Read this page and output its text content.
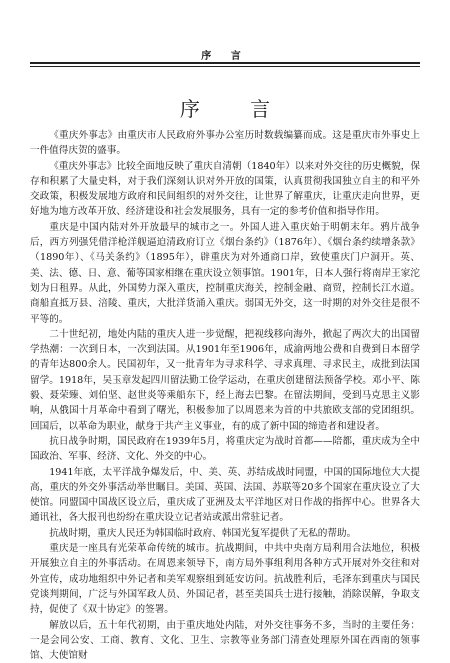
序 言
序 言

《重庆外事志》由重庆市人民政府外事办公室历时数载编纂而成。这是重庆市外事史上一件值得庆贺的盛事。

《重庆外事志》比较全面地反映了重庆自清朝（1840年）以来对外交往的历史概貌，保存和积累了大量史料，对于我们深刻认识对外开放的国策，认真贯彻我国独立自主的和平外交政策，积极发展地方政府和民间组织的对外交往，让世界了解重庆，让重庆走向世界，更好地为地方改革开放、经济建设和社会发展服务，具有一定的参考价值和指导作用。

重庆是中国内陆对外开放最早的城市之一。外国人进入重庆始于明朝末年。鸦片战争后，西方列强凭借洋枪洋舰逼迫清政府订立《烟台条约》（1876年）、《烟台条约续增条款》（1890年）、《马关条约》（1895年），辟重庆为对外通商口岸，致使重庆门户洞开。英、美、法、德、日、意、葡等国家相继在重庆设立领事馆。1901年，日本人强行将南岸王家沱划为日租界。从此，外国势力深入重庆，控制重庆海关，控制金融、商贸，控制长江水道。商船直抵万县、涪陵、重庆，大批洋货涌入重庆。弱国无外交，这一时期的对外交往是很不平等的。

二十世纪初，地处内陆的重庆人进一步觉醒，把视线移向海外，掀起了两次大的出国留学热潮：一次到日本，一次到法国。从1901年至1906年，成渝两地公费和自费到日本留学的青年达800余人。民国初年，又一批青年为寻求科学、寻求真理、寻求民主，成批到法国留学。1918年，吴玉章发起四川留法勤工俭学运动，在重庆创建留法预备学校。邓小平、陈毅、聂荣臻、刘伯坚、赵世炎等乘船东下，经上海去巴黎。在留法期间，受到马克思主义影响，从俄国十月革命中看到了曙光，积极参加了以周恩来为首的中共旅欧支部的党团组织。回国后，以革命为职业，献身于共产主义事业，有的成了新中国的缔造者和建设者。

抗日战争时期，国民政府在1939年5月，将重庆定为战时首都——陪都，重庆成为全中国政治、军事、经济、文化、外交的中心。

1941年底，太平洋战争爆发后，中、美、英、苏结成战时同盟，中国的国际地位大大提高，重庆的外交外事活动举世瞩目。美国、英国、法国、苏联等20多个国家在重庆设立了大使馆。同盟国中国战区设立后，重庆成了亚洲及太平洋地区对日作战的指挥中心。世界各大通讯社，各大报刊也纷纷在重庆设立记者站或派出常驻记者。

抗战时期，重庆人民还为韩国临时政府、韩国光复军提供了无私的帮助。

重庆是一座具有光荣革命传统的城市。抗战期间，中共中央南方局利用合法地位，积极开展独立自主的外事活动。在周恩来领导下，南方局外事组利用各种方式开展对外交往和对外宣传，成功地组织中外记者和美军观察组到延安访问。抗战胜利后，毛泽东到重庆与国民党谈判期间，广泛与外国军政人员、外国记者，甚至美国兵士进行接触，消除误解，争取支持，促使了《双十协定》的签署。

解放以后，五十年代初期，由于重庆地处内陆，对外交往事务不多，当时的主要任务：一是会同公安、工商、教育、文化、卫生、宗教等业务部门清查处理原外国在西南的领事馆、大使馆财
